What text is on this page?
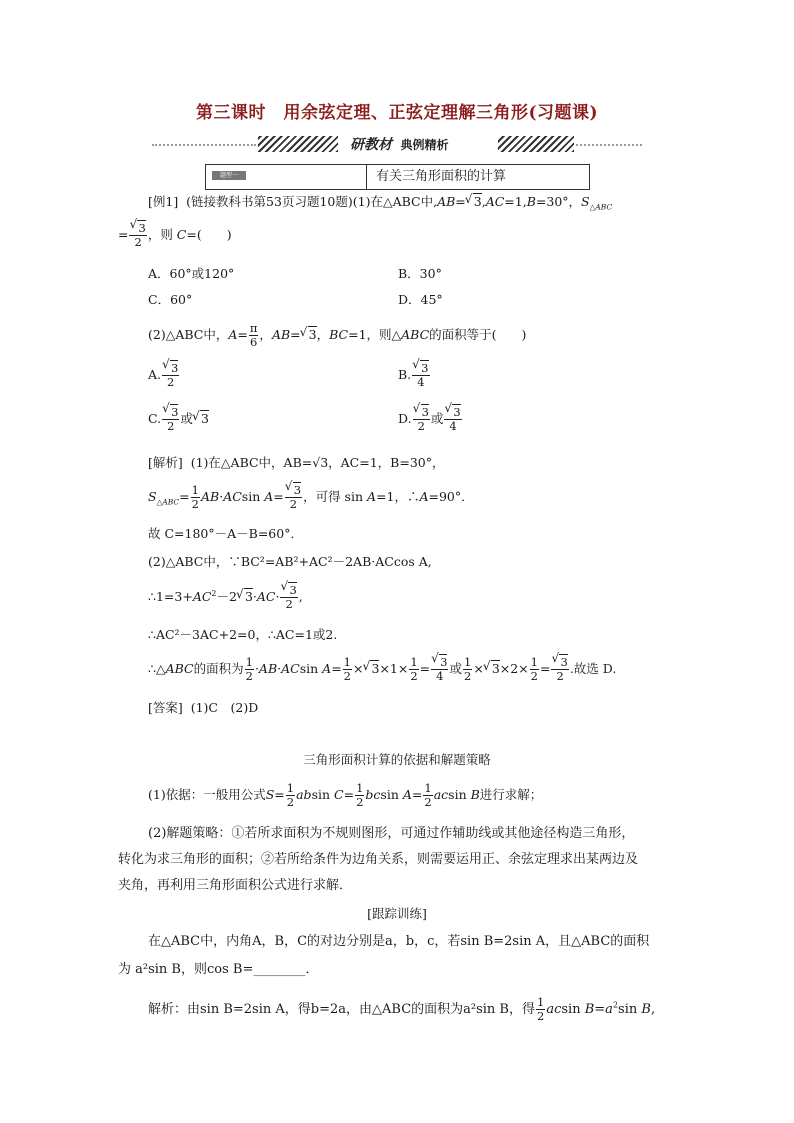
第三课时　用余弦定理、正弦定理解三角形(习题课)
研教材 典例精析
题型一	有关三角形面积的计算
[例1] (链接教科书第53页习题10题)(1)在△ABC中,AB=√ 3,AC=1,B=30°，$S_{\triangle ABC}$
=
√ $\frac{3}{2}$ ，则 C=(　　)
A．60°或120°	B．30°
C．60°	D．45°
(2)△ABC中，$A= \frac{\pi}{6}$ ，AB=√ 3，BC=1，则△ABC的面积等于(　　)
A.
√ $\frac{3}{2}$	B.
√ $\frac{3}{4}$
C.
√ $\frac{3}{2}$ 或√ 3	D.
√ $\frac{3}{2}$ 或
√ $\frac{3}{4}$
[解析] (1)在△ABC中，AB=√3，AC=1，B=30°，
$S_{\triangle ABC}= \frac{1}{2} AB\cdot ACsin$ A=
√ $\frac{3}{2}$ ，可得 sin A=1，∴A=90°．
故 C=180°－A－B=60°．
(2)△ABC中，∵BC²=AB²+AC²－2AB·ACcos A,
$\therefore 1=3+AC^2-2√$ 3·AC·
√ $\frac{3}{2}$ ,
∴AC²－3AC+2=0，∴AC=1或2.
∴△ABC的面积为 $\frac{1}{2} \cdot AB\cdot ACsin$ $A= \frac{1}{2}$ ×√ $3\times 1\times \frac{1}{2}$ =
√ $\frac{3}{4}$ 或 $\frac{1}{2}$ ×√ $3\times 2\times \frac{1}{2}$ =
√ $\frac{3}{2}$ .故选 D.
[答案] (1)C　(2)D
三角形面积计算的依据和解题策略
(1)依据：一般用公式$S= \frac{1}{2}$ absin $C= \frac{1}{2}$ bcsin $A= \frac{1}{2}$ acsin B进行求解；
(2)解题策略：①若所求面积为不规则图形，可通过作辅助线或其他途径构造三角形，
转化为求三角形的面积；②若所给条件为边角关系，则需要运用正、余弦定理求出某两边及
夹角，再利用三角形面积公式进行求解．
[跟踪训练]
在△ABC中，内角A，B，C的对边分别是a，b，c，若sin B=2sin A，且△ABC的面积
为 a²sin B，则cos B=________．
解析：由sin B=2sin A，得b=2a，由△ABC的面积为a²sin B，得 $\frac{1}{2}$ acsin $B=a^2\sin$ B,
